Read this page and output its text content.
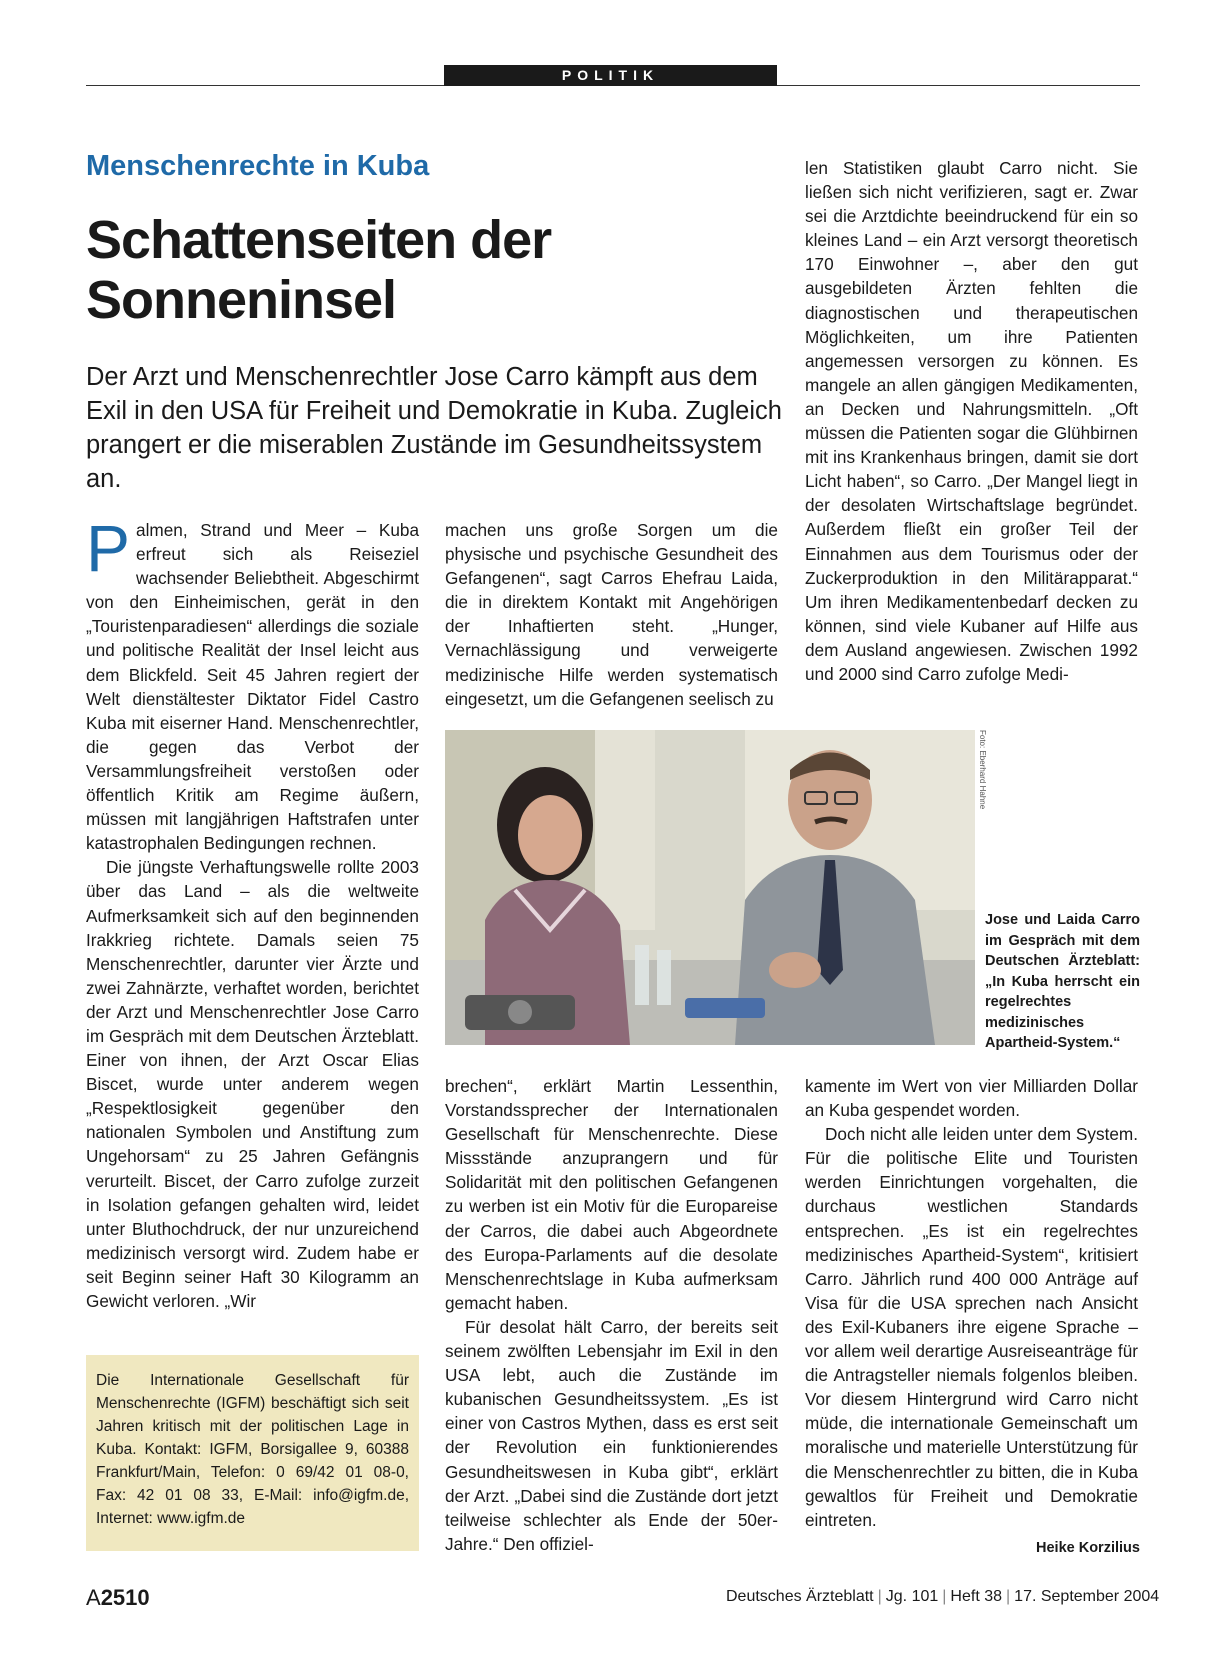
POLITIK
Menschenrechte in Kuba
Schattenseiten der Sonneninsel
Der Arzt und Menschenrechtler Jose Carro kämpft aus dem Exil in den USA für Freiheit und Demokratie in Kuba. Zugleich prangert er die miserablen Zustände im Gesundheitssystem an.

Palmen, Strand und Meer – Kuba erfreut sich als Reiseziel wachsender Beliebtheit. Abgeschirmt von den Einheimischen, gerät in den „Touristenparadiesen“ allerdings die soziale und politische Realität der Insel leicht aus dem Blickfeld. Seit 45 Jahren regiert der Welt dienstältester Diktator Fidel Castro Kuba mit eiserner Hand. Menschenrechtler, die gegen das Verbot der Versammlungsfreiheit verstoßen oder öffentlich Kritik am Regime äußern, müssen mit langjährigen Haftstrafen unter katastrophalen Bedingungen rechnen.

Die jüngste Verhaftungswelle rollte 2003 über das Land – als die weltweite Aufmerksamkeit sich auf den beginnenden Irakkrieg richtete. Damals seien 75 Menschenrechtler, darunter vier Ärzte und zwei Zahnärzte, verhaftet worden, berichtet der Arzt und Menschenrechtler Jose Carro im Gespräch mit dem Deutschen Ärzteblatt. Einer von ihnen, der Arzt Oscar Elias Biscet, wurde unter anderem wegen „Respektlosigkeit gegenüber den nationalen Symbolen und Anstiftung zum Ungehorsam“ zu 25 Jahren Gefängnis verurteilt. Biscet, der Carro zufolge zurzeit in Isolation gefangen gehalten wird, leidet unter Bluthochdruck, der nur unzureichend medizinisch versorgt wird. Zudem habe er seit Beginn seiner Haft 30 Kilogramm an Gewicht verloren. „Wir

machen uns große Sorgen um die physische und psychische Gesundheit des Gefangenen“, sagt Carros Ehefrau Laida, die in direktem Kontakt mit Angehörigen der Inhaftierten steht. „Hunger, Vernachlässigung und verweigerte medizinische Hilfe werden systematisch eingesetzt, um die Gefangenen seelisch zu

len Statistiken glaubt Carro nicht. Sie ließen sich nicht verifizieren, sagt er. Zwar sei die Arztdichte beeindruckend für ein so kleines Land – ein Arzt versorgt theoretisch 170 Einwohner –, aber den gut ausgebildeten Ärzten fehlten die diagnostischen und therapeutischen Möglichkeiten, um ihre Patienten angemessen versorgen zu können. Es mangele an allen gängigen Medikamenten, an Decken und Nahrungsmitteln. „Oft müssen die Patienten sogar die Glühbirnen mit ins Krankenhaus bringen, damit sie dort Licht haben“, so Carro. „Der Mangel liegt in der desolaten Wirtschaftslage begründet. Außerdem fließt ein großer Teil der Einnahmen aus dem Tourismus oder der Zuckerproduktion in den Militärapparat.“ Um ihren Medikamentenbedarf decken zu können, sind viele Kubaner auf Hilfe aus dem Ausland angewiesen. Zwischen 1992 und 2000 sind Carro zufolge Medi-

Foto: Eberhard Hahne
Jose und Laida Carro im Gespräch mit dem Deutschen Ärzteblatt: „In Kuba herrscht ein regelrechtes medizinisches Apartheid-System.“

brechen“, erklärt Martin Lessenthin, Vorstandssprecher der Internationalen Gesellschaft für Menschenrechte. Diese Missstände anzuprangern und für Solidarität mit den politischen Gefangenen zu werben ist ein Motiv für die Europareise der Carros, die dabei auch Abgeordnete des Europa-Parlaments auf die desolate Menschenrechtslage in Kuba aufmerksam gemacht haben.

Für desolat hält Carro, der bereits seit seinem zwölften Lebensjahr im Exil in den USA lebt, auch die Zustände im kubanischen Gesundheitssystem. „Es ist einer von Castros Mythen, dass es erst seit der Revolution ein funktionierendes Gesundheitswesen in Kuba gibt“, erklärt der Arzt. „Dabei sind die Zustände dort jetzt teilweise schlechter als Ende der 50er-Jahre.“ Den offiziel-

kamente im Wert von vier Milliarden Dollar an Kuba gespendet worden.

Doch nicht alle leiden unter dem System. Für die politische Elite und Touristen werden Einrichtungen vorgehalten, die durchaus westlichen Standards entsprechen. „Es ist ein regelrechtes medizinisches Apartheid-System“, kritisiert Carro. Jährlich rund 400 000 Anträge auf Visa für die USA sprechen nach Ansicht des Exil-Kubaners ihre eigene Sprache – vor allem weil derartige Ausreiseanträge für die Antragsteller niemals folgenlos bleiben. Vor diesem Hintergrund wird Carro nicht müde, die internationale Gemeinschaft um moralische und materielle Unterstützung für die Menschenrechtler zu bitten, die in Kuba gewaltlos für Freiheit und Demokratie eintreten.

Heike Korzilius
Die Internationale Gesellschaft für Menschenrechte (IGFM) beschäftigt sich seit Jahren kritisch mit der politischen Lage in Kuba. Kontakt: IGFM, Borsigallee 9, 60388 Frankfurt/Main, Telefon: 0 69/42 01 08-0, Fax: 42 01 08 33, E-Mail: info@igfm.de, Internet: www.igfm.de
A2510	Deutsches Ärzteblatt | Jg. 101 | Heft 38 | 17. September 2004
